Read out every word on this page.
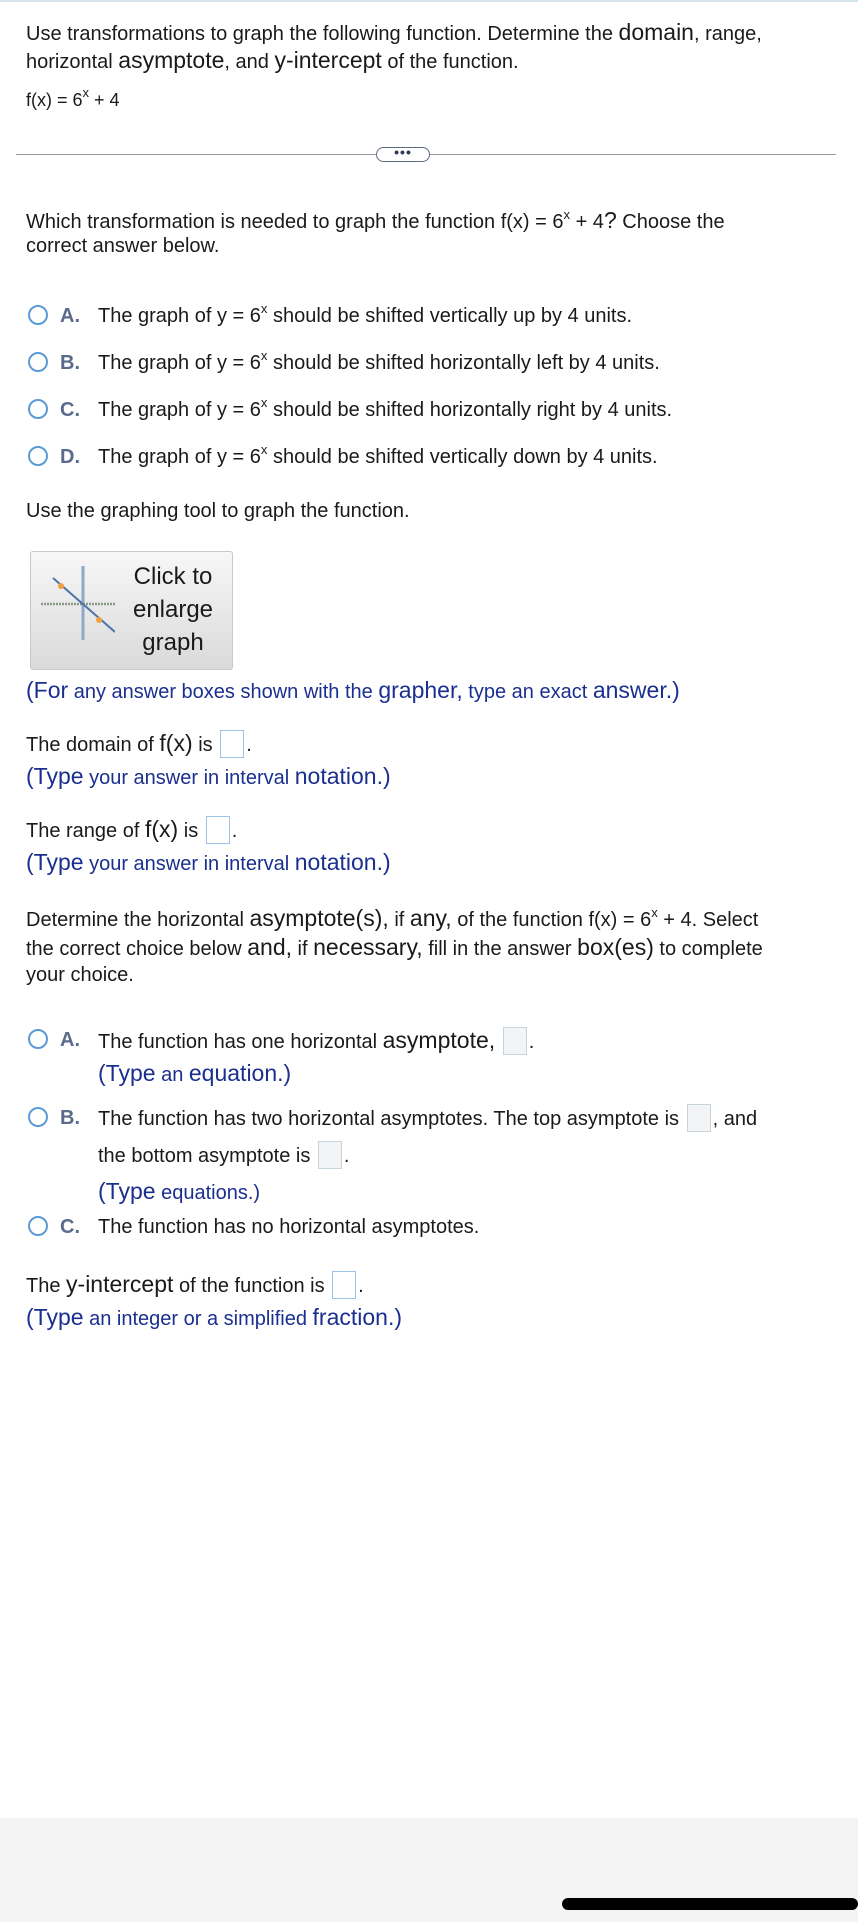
Use transformations to graph the following function. Determine the domain, range,

horizontal asymptote, and y-intercept of the function.

$f(x) = 6^x + 4$

•••

Which transformation is needed to graph the function $f(x) = 6^x + 4$? Choose the

correct answer below.

A. The graph of $y = 6^x$ should be shifted vertically up by 4 units.
B. The graph of $y = 6^x$ should be shifted horizontally left by 4 units.
C. The graph of $y = 6^x$ should be shifted horizontally right by 4 units.
D. The graph of $y = 6^x$ should be shifted vertically down by 4 units.

Use the graphing tool to graph the function.

Click to
enlarge
graph

(For any answer boxes shown with the grapher, type an exact answer.)

The domain of f(x) is .

(Type your answer in interval notation.)

The range of f(x) is .

(Type your answer in interval notation.)

Determine the horizontal asymptote(s), if any, of the function $f(x) = 6^x + 4$. Select

the correct choice below and, if necessary, fill in the answer box(es) to complete

your choice.

A. The function has one horizontal asymptote, .

(Type an equation.)

B. The function has two horizontal asymptotes. The top asymptote is , and

the bottom asymptote is .

(Type equations.)

C. The function has no horizontal asymptotes.

The y-intercept of the function is .

(Type an integer or a simplified fraction.)
